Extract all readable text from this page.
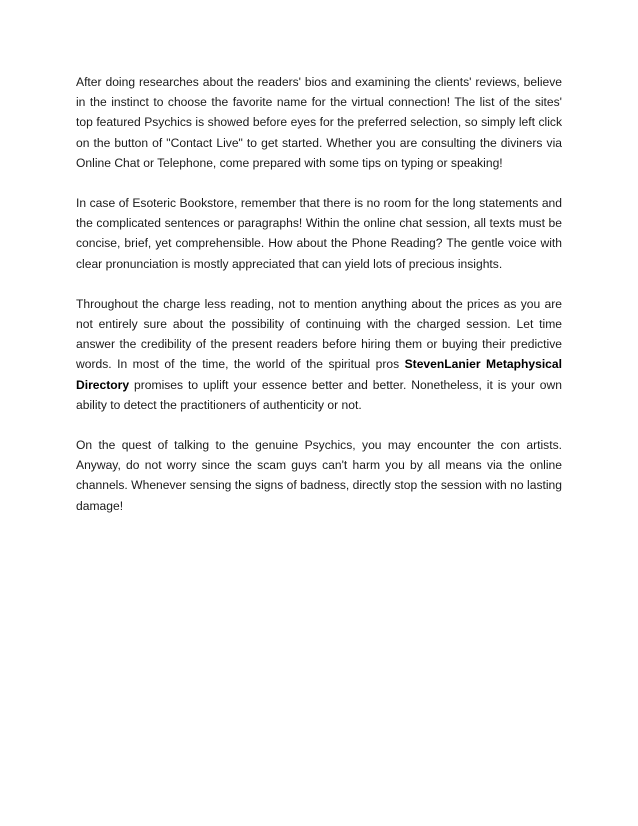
After doing researches about the readers' bios and examining the clients' reviews, believe in the instinct to choose the favorite name for the virtual connection! The list of the sites' top featured Psychics is showed before eyes for the preferred selection, so simply left click on the button of "Contact Live" to get started. Whether you are consulting the diviners via Online Chat or Telephone, come prepared with some tips on typing or speaking!

In case of Esoteric Bookstore, remember that there is no room for the long statements and the complicated sentences or paragraphs! Within the online chat session, all texts must be concise, brief, yet comprehensible. How about the Phone Reading? The gentle voice with clear pronunciation is mostly appreciated that can yield lots of precious insights.

Throughout the charge less reading, not to mention anything about the prices as you are not entirely sure about the possibility of continuing with the charged session. Let time answer the credibility of the present readers before hiring them or buying their predictive words. In most of the time, the world of the spiritual pros StevenLanier Metaphysical Directory promises to uplift your essence better and better. Nonetheless, it is your own ability to detect the practitioners of authenticity or not.

On the quest of talking to the genuine Psychics, you may encounter the con artists. Anyway, do not worry since the scam guys can't harm you by all means via the online channels. Whenever sensing the signs of badness, directly stop the session with no lasting damage!
